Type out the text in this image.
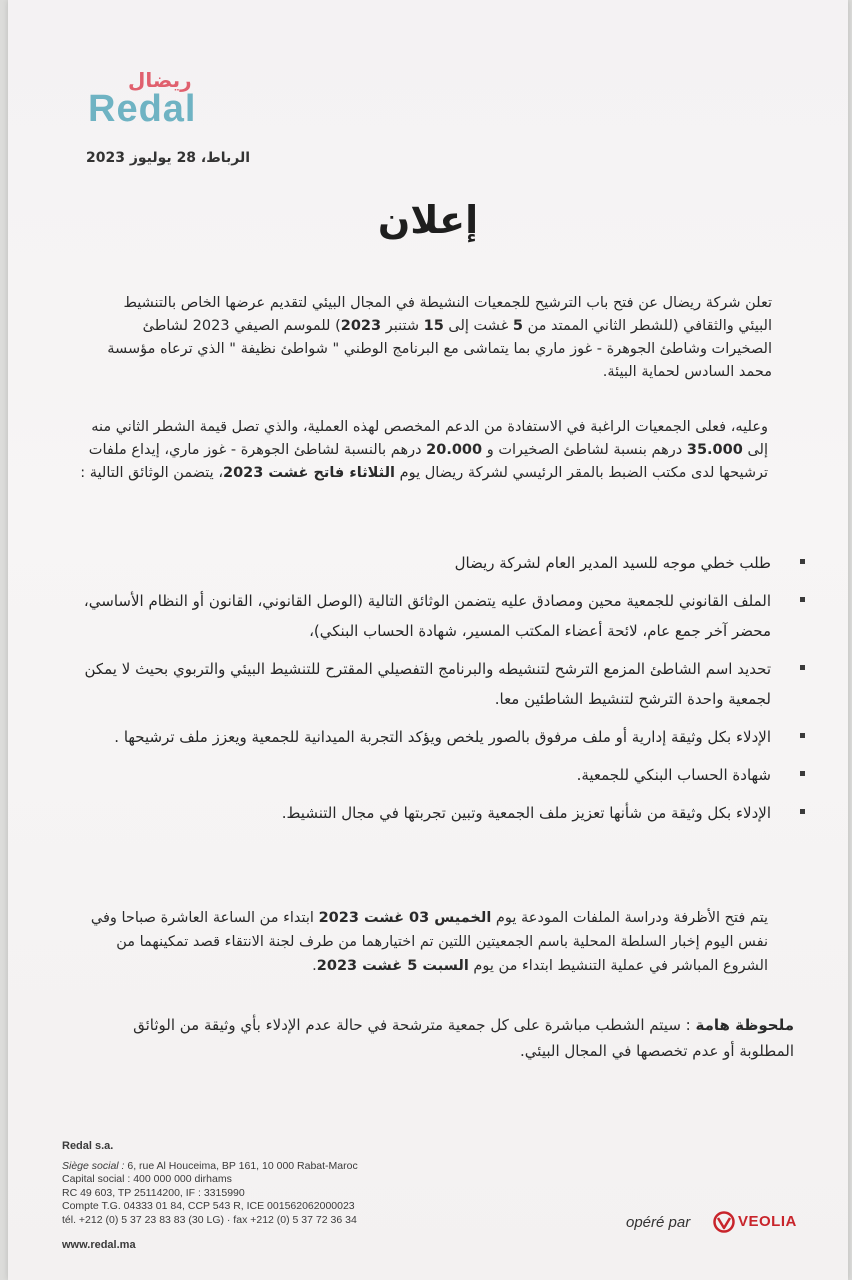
ريضال
Redal
الرباط، 28 يوليوز 2023
إعلان
تعلن شركة ريضال عن فتح باب الترشيح للجمعيات النشيطة في المجال البيئي لتقديم عرضها الخاص بالتنشيط البيئي والثقافي (للشطر الثاني الممتد من 5 غشت إلى 15 شتنبر 2023) للموسم الصيفي 2023 لشاطئ الصخيرات وشاطئ الجوهرة - غوز ماري بما يتماشى مع البرنامج الوطني " شواطئ نظيفة " الذي ترعاه مؤسسة محمد السادس لحماية البيئة.
وعليه، فعلى الجمعيات الراغبة في الاستفادة من الدعم المخصص لهذه العملية، والذي تصل قيمة الشطر الثاني منه إلى 35.000 درهم بنسبة لشاطئ الصخيرات و 20.000 درهم بالنسبة لشاطئ الجوهرة - غوز ماري، إيداع ملفات ترشيحها لدى مكتب الضبط بالمقر الرئيسي لشركة ريضال يوم الثلاثاء فاتح غشت 2023، يتضمن الوثائق التالية :
طلب خطي موجه للسيد المدير العام لشركة ريضال
الملف القانوني للجمعية محين ومصادق عليه يتضمن الوثائق التالية (الوصل القانوني، القانون أو النظام الأساسي، محضر آخر جمع عام، لائحة أعضاء المكتب المسير، شهادة الحساب البنكي)،
تحديد اسم الشاطئ المزمع الترشح لتنشيطه والبرنامج التفصيلي المقترح للتنشيط البيئي والتربوي بحيث لا يمكن لجمعية واحدة الترشح لتنشيط الشاطئين معا.
الإدلاء بكل وثيقة إدارية أو ملف مرفوق بالصور يلخص ويؤكد التجربة الميدانية للجمعية ويعزز ملف ترشيحها .
شهادة الحساب البنكي للجمعية.
الإدلاء بكل وثيقة من شأنها تعزيز ملف الجمعية وتبين تجربتها في مجال التنشيط.
يتم فتح الأظرفة ودراسة الملفات المودعة يوم الخميس 03 غشت 2023 ابتداء من الساعة العاشرة صباحا وفي نفس اليوم إخبار السلطة المحلية باسم الجمعيتين اللتين تم اختيارهما من طرف لجنة الانتقاء قصد تمكينهما من الشروع المباشر في عملية التنشيط ابتداء من يوم السبت 5 غشت 2023.
ملحوظة هامة : سيتم الشطب مباشرة على كل جمعية مترشحة في حالة عدم الإدلاء بأي وثيقة من الوثائق المطلوبة أو عدم تخصصها في المجال البيئي.
Redal s.a.
Siège social : 6, rue Al Houceima, BP 161, 10 000 Rabat-Maroc
Capital social : 400 000 000 dirhams
RC 49 603, TP 25114200, IF : 3315990
Compte T.G. 04333 01 84, CCP 543 R, ICE 001562062000023
tél. +212 (0) 5 37 23 83 83 (30 LG) · fax +212 (0) 5 37 72 36 34
www.redal.ma
opéré par	VEOLIA
